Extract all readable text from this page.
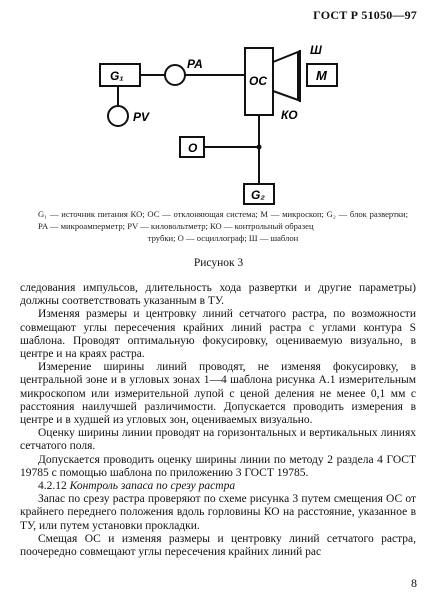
ГОСТ Р 51050—97
G₁
PA
PV
ОС
Ш
М
КО
О
G₂
G₁ — источник питания КО; ОС — отклоняющая система; М — микроскоп; G₂ — блок развертки; PA — микроамперметр; PV — киловольтметр; КО — контрольный образец
трубки; О — осциллограф; Ш — шаблон
Рисунок 3

следования импульсов, длительность хода развертки и другие параметры) должны соответствовать указанным в ТУ.

Изменяя размеры и центровку линий сетчатого растра, по возможности совмещают углы пересечения крайних линий растра с углами контура S шаблона. Проводят оптимальную фокусировку, оцениваемую визуально, в центре и на краях растра.

Измерение ширины линий проводят, не изменяя фокусировку, в центральной зоне и в угловых зонах 1—4 шаблона рисунка А.1 измерительным микроскопом или измерительной лупой с ценой деления не менее 0,1 мм с расстояния наилучшей различимости. Допускается проводить измерения в центре и в худшей из угловых зон, оцениваемых визуально.

Оценку ширины линии проводят на горизонтальных и вертикальных линиях сетчатого поля.

Допускается проводить оценку ширины линии по методу 2 раздела 4 ГОСТ 19785 с помощью шаблона по приложению 3 ГОСТ 19785.

4.2.12 Контроль запаса по срезу растра

Запас по срезу растра проверяют по схеме рисунка 3 путем смещения ОС от крайнего переднего положения вдоль горловины КО на расстояние, указанное в ТУ, или путем установки прокладки.

Смещая ОС и изменяя размеры и центровку линий сетчатого растра, поочередно совмещают углы пересечения крайних линий рас

8
